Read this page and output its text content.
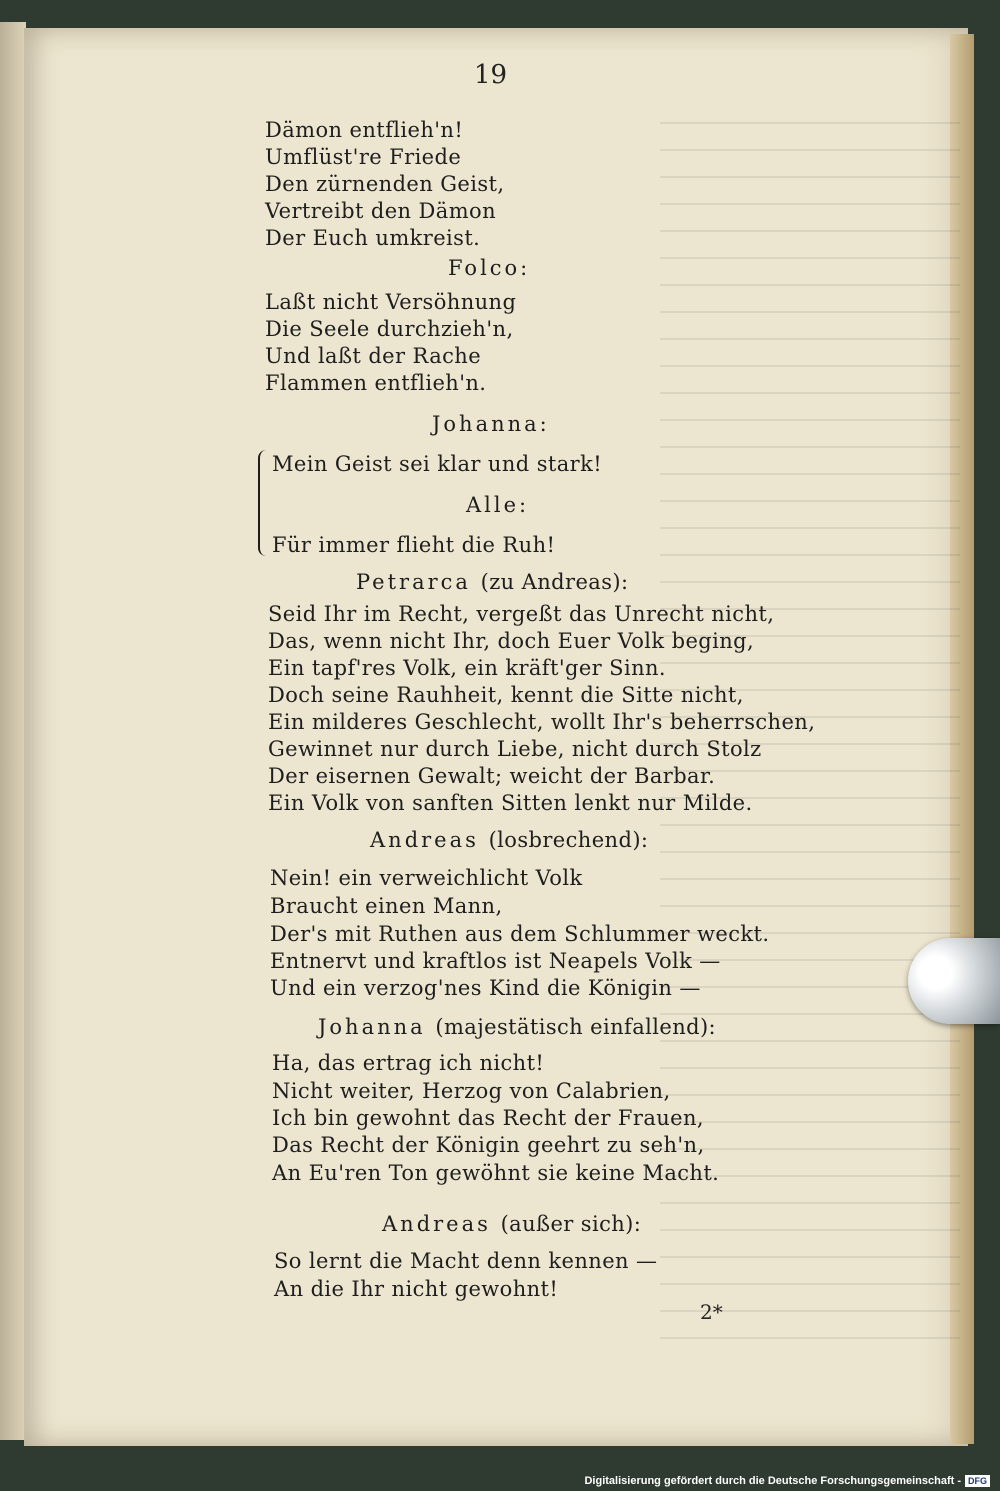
19
Dämon entflieh'n!
Umflüst're Friede
Den zürnenden Geist,
Vertreibt den Dämon
Der Euch umkreist.
Folco:
Laßt nicht Versöhnung
Die Seele durchzieh'n,
Und laßt der Rache
Flammen entflieh'n.
Johanna:
Mein Geist sei klar und stark!
Alle:
Für immer flieht die Ruh!
Petrarca (zu Andreas):
Seid Ihr im Recht, vergeßt das Unrecht nicht,
Das, wenn nicht Ihr, doch Euer Volk beging,
Ein tapf'res Volk, ein kräft'ger Sinn.
Doch seine Rauhheit, kennt die Sitte nicht,
Ein milderes Geschlecht, wollt Ihr's beherrschen,
Gewinnet nur durch Liebe, nicht durch Stolz
Der eisernen Gewalt; weicht der Barbar.
Ein Volk von sanften Sitten lenkt nur Milde.
Andreas (losbrechend):
Nein! ein verweichlicht Volk
Braucht einen Mann,
Der's mit Ruthen aus dem Schlummer weckt.
Entnervt und kraftlos ist Neapels Volk —
Und ein verzog'nes Kind die Königin —
Johanna (majestätisch einfallend):
Ha, das ertrag ich nicht!
Nicht weiter, Herzog von Calabrien,
Ich bin gewohnt das Recht der Frauen,
Das Recht der Königin geehrt zu seh'n,
An Eu'ren Ton gewöhnt sie keine Macht.
Andreas (außer sich):
So lernt die Macht denn kennen —
An die Ihr nicht gewohnt!
2*
Digitalisierung gefördert durch die Deutsche Forschungsgemeinschaft - DFG
